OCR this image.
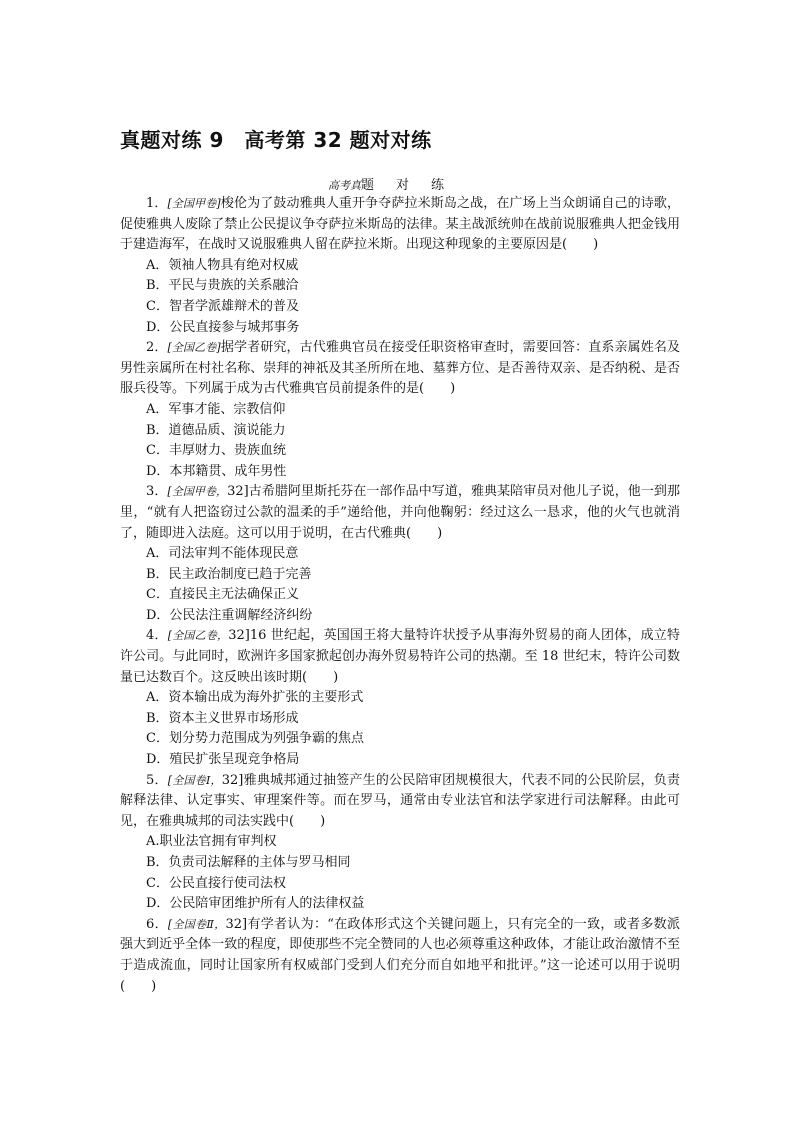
真题对练 9　高考第 32 题对对练
高考真题对练

1．[全国甲卷]梭伦为了鼓动雅典人重开争夺萨拉米斯岛之战，在广场上当众朗诵自己的诗歌，促使雅典人废除了禁止公民提议争夺萨拉米斯岛的法律。某主战派统帅在战前说服雅典人把金钱用于建造海军，在战时又说服雅典人留在萨拉米斯。出现这种现象的主要原因是(　　)

A．领袖人物具有绝对权威

B．平民与贵族的关系融洽

C．智者学派雄辩术的普及

D．公民直接参与城邦事务

2．[全国乙卷]据学者研究，古代雅典官员在接受任职资格审查时，需要回答：直系亲属姓名及男性亲属所在村社名称、崇拜的神祇及其圣所所在地、墓葬方位、是否善待双亲、是否纳税、是否服兵役等。下列属于成为古代雅典官员前提条件的是(　　)

A．军事才能、宗教信仰

B．道德品质、演说能力

C．丰厚财力、贵族血统

D．本邦籍贯、成年男性

3．[全国甲卷，32]古希腊阿里斯托芬在一部作品中写道，雅典某陪审员对他儿子说，他一到那里，“就有人把盗窃过公款的温柔的手”递给他，并向他鞠躬：经过这么一恳求，他的火气也就消了，随即进入法庭。这可以用于说明，在古代雅典(　　)

A．司法审判不能体现民意

B．民主政治制度已趋于完善

C．直接民主无法确保正义

D．公民法注重调解经济纠纷

4．[全国乙卷，32]16 世纪起，英国国王将大量特许状授予从事海外贸易的商人团体，成立特许公司。与此同时，欧洲许多国家掀起创办海外贸易特许公司的热潮。至 18 世纪末，特许公司数量已达数百个。这反映出该时期(　　)

A．资本输出成为海外扩张的主要形式

B．资本主义世界市场形成

C．划分势力范围成为列强争霸的焦点

D．殖民扩张呈现竞争格局

5．[全国卷Ⅰ，32]雅典城邦通过抽签产生的公民陪审团规模很大，代表不同的公民阶层，负责解释法律、认定事实、审理案件等。而在罗马，通常由专业法官和法学家进行司法解释。由此可见，在雅典城邦的司法实践中(　　)

A.职业法官拥有审判权

B．负责司法解释的主体与罗马相同

C．公民直接行使司法权

D．公民陪审团维护所有人的法律权益

6．[全国卷Ⅱ，32]有学者认为：“在政体形式这个关键问题上，只有完全的一致，或者多数派强大到近乎全体一致的程度，即使那些不完全赞同的人也必须尊重这种政体，才能让政治激情不至于造成流血，同时让国家所有权威部门受到人们充分而自如地平和批评。”这一论述可以用于说明(　　)
